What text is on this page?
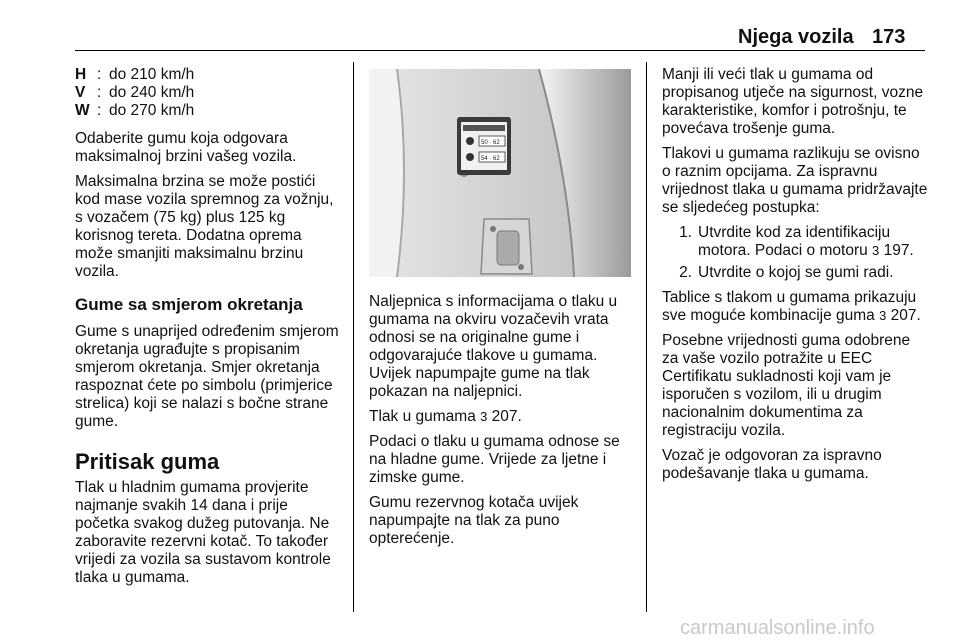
Njega vozila 173
H : do 210 km/h
V : do 240 km/h
W : do 270 km/h

Odaberite gumu koja odgovara maksimalnoj brzini vašeg vozila.

Maksimalna brzina se može postići kod mase vozila spremnog za vožnju, s vozačem (75 kg) plus 125 kg korisnog tereta. Dodatna oprema može smanjiti maksimalnu brzinu vozila.

Gume sa smjerom okretanja

Gume s unaprijed određenim smjerom okretanja ugrađujte s propisanim smjerom okretanja. Smjer okretanja raspoznat ćete po simbolu (primjerice strelica) koji se nalazi s bočne strane gume.

Pritisak guma

Tlak u hladnim gumama provjerite najmanje svakih 14 dana i prije početka svakog dužeg putovanja. Ne zaboravite rezervni kotač. To također vrijedi za vozila sa sustavom kontrole tlaka u gumama.

50 · 62
54 · 62

Naljepnica s informacijama o tlaku u gumama na okviru vozačevih vrata odnosi se na originalne gume i odgovarajuće tlakove u gumama. Uvijek napumpajte gume na tlak pokazan na naljepnici.

Tlak u gumama 3 207.

Podaci o tlaku u gumama odnose se na hladne gume. Vrijede za ljetne i zimske gume.

Gumu rezervnog kotača uvijek napumpajte na tlak za puno opterećenje.

Manji ili veći tlak u gumama od propisanog utječe na sigurnost, vozne karakteristike, komfor i potrošnju, te povećava trošenje guma.

Tlakovi u gumama razlikuju se ovisno o raznim opcijama. Za ispravnu vrijednost tlaka u gumama pridržavajte se sljedećeg postupka:

1. Utvrdite kod za identifikaciju motora. Podaci o motoru 3 197.
2. Utvrdite o kojoj se gumi radi.

Tablice s tlakom u gumama prikazuju sve moguće kombinacije guma 3 207.

Posebne vrijednosti guma odobrene za vaše vozilo potražite u EEC Certifikatu sukladnosti koji vam je isporučen s vozilom, ili u drugim nacionalnim dokumentima za registraciju vozila.

Vozač je odgovoran za ispravno podešavanje tlaka u gumama.

carmanualsonline.info
